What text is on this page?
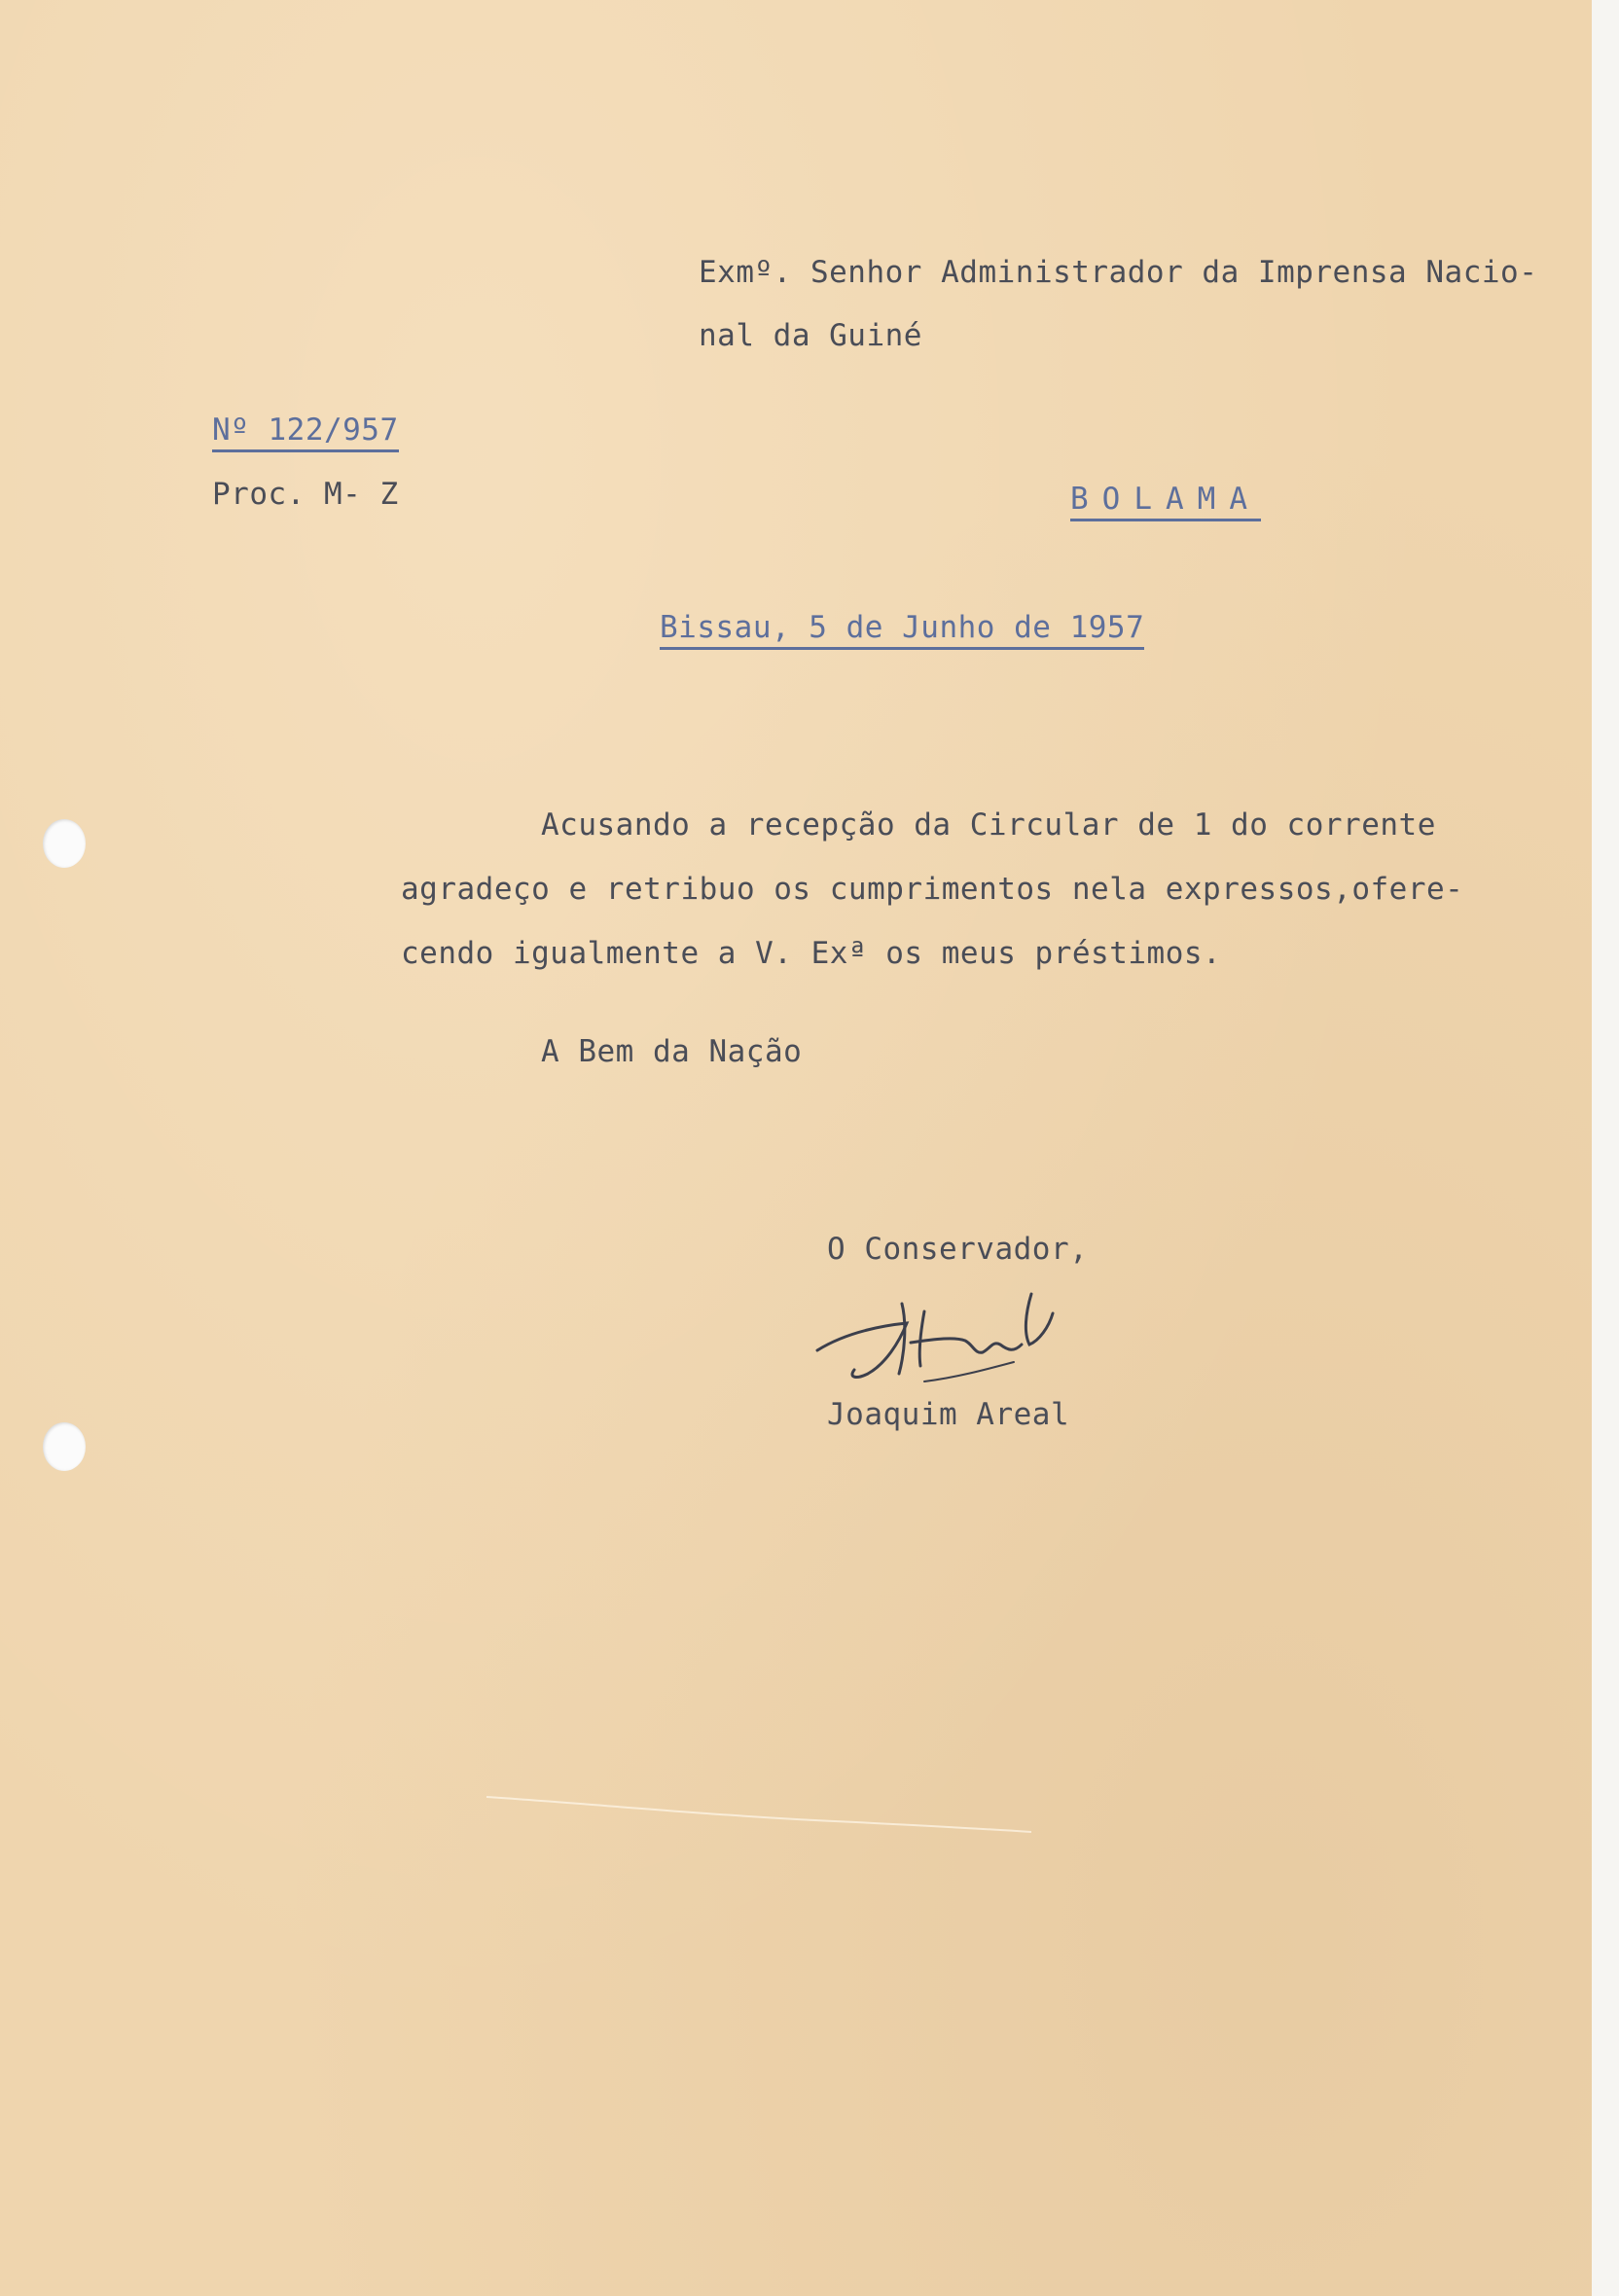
Exmº. Senhor Administrador da Imprensa Nacio-
nal da Guiné
Nº 122/957
Proc. M- Z	BOLAMA
Bissau, 5 de Junho de 1957
Acusando a recepção da Circular de 1 do corrente
agradeço e retribuo os cumprimentos nela expressos,ofere-
cendo igualmente a V. Exª os meus préstimos.
A Bem da Nação
O Conservador,
Joaquim Areal
